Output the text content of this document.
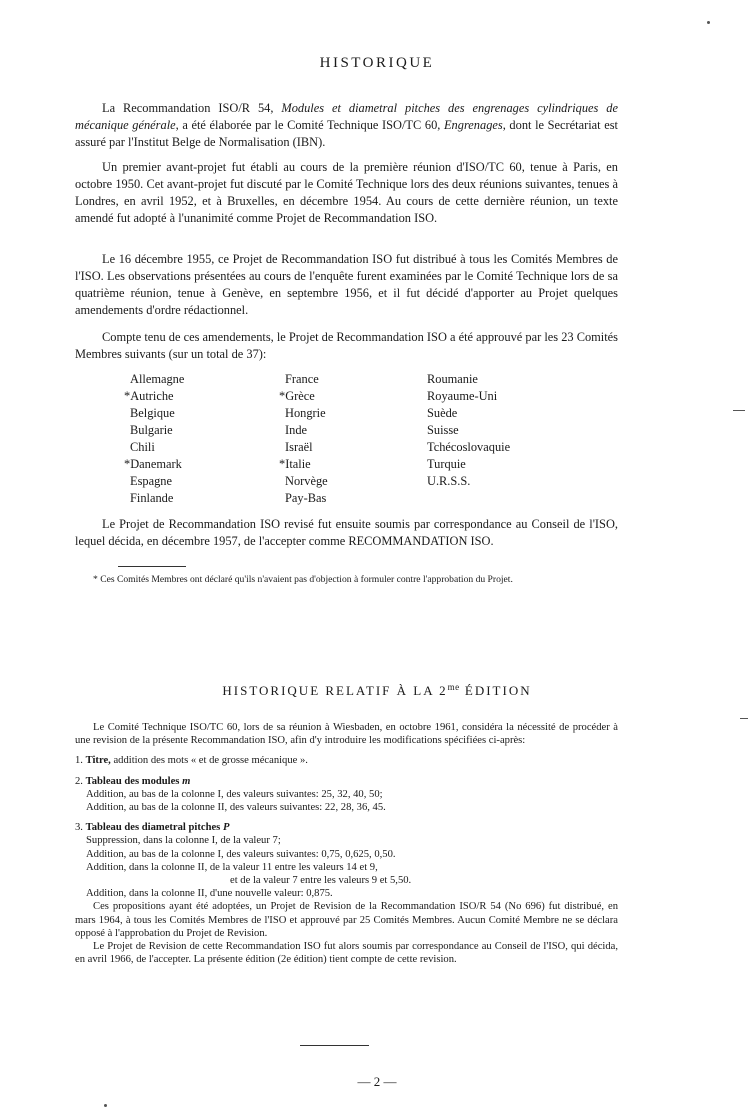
HISTORIQUE

La Recommandation ISO/R 54, Modules et diametral pitches des engrenages cylindriques de mécanique générale, a été élaborée par le Comité Technique ISO/TC 60, Engrenages, dont le Secrétariat est assuré par l'Institut Belge de Normalisation (IBN).

Un premier avant-projet fut établi au cours de la première réunion d'ISO/TC 60, tenue à Paris, en octobre 1950. Cet avant-projet fut discuté par le Comité Technique lors des deux réunions suivantes, tenues à Londres, en avril 1952, et à Bruxelles, en décembre 1954. Au cours de cette dernière réunion, un texte amendé fut adopté à l'unanimité comme Projet de Recommandation ISO.

Le 16 décembre 1955, ce Projet de Recommandation ISO fut distribué à tous les Comités Membres de l'ISO. Les observations présentées au cours de l'enquête furent examinées par le Comité Technique lors de sa quatrième réunion, tenue à Genève, en septembre 1956, et il fut décidé d'apporter au Projet quelques amendements d'ordre rédactionnel.

Compte tenu de ces amendements, le Projet de Recommandation ISO a été approuvé par les 23 Comités Membres suivants (sur un total de 37):

Allemagne
*Autriche
Belgique
Bulgarie
Chili
*Danemark
Espagne
Finlande
France
*Grèce
Hongrie
Inde
Israël
*Italie
Norvège
Pay-Bas
Roumanie
Royaume-Uni
Suède
Suisse
Tchécoslovaquie
Turquie
U.R.S.S.

Le Projet de Recommandation ISO revisé fut ensuite soumis par correspondance au Conseil de l'ISO, lequel décida, en décembre 1957, de l'accepter comme RECOMMANDATION ISO.

* Ces Comités Membres ont déclaré qu'ils n'avaient pas d'objection à formuler contre l'approbation du Projet.

HISTORIQUE RELATIF À LA $2^{me}$ ÉDITION

Le Comité Technique ISO/TC 60, lors de sa réunion à Wiesbaden, en octobre 1961, considéra la nécessité de procéder à une revision de la présente Recommandation ISO, afin d'y introduire les modifications spécifiées ci-après:

1. Titre, addition des mots « et de grosse mécanique ».

2. Tableau des modules m

Addition, au bas de la colonne I, des valeurs suivantes: 25, 32, 40, 50;

Addition, au bas de la colonne II, des valeurs suivantes: 22, 28, 36, 45.

3. Tableau des diametral pitches P

Suppression, dans la colonne I, de la valeur 7;

Addition, au bas de la colonne I, des valeurs suivantes: 0,75, 0,625, 0,50.

Addition, dans la colonne II, de la valeur 11 entre les valeurs 14 et 9,

et de la valeur 7 entre les valeurs 9 et 5,50.

Addition, dans la colonne II, d'une nouvelle valeur: 0,875.

Ces propositions ayant été adoptées, un Projet de Revision de la Recommandation ISO/R 54 (No 696) fut distribué, en mars 1964, à tous les Comités Membres de l'ISO et approuvé par 25 Comités Membres. Aucun Comité Membre ne se déclara opposé à l'approbation du Projet de Revision.

Le Projet de Revision de cette Recommandation ISO fut alors soumis par correspondance au Conseil de l'ISO, qui décida, en avril 1966, de l'accepter. La présente édition (2e édition) tient compte de cette revision.

— 2 —
